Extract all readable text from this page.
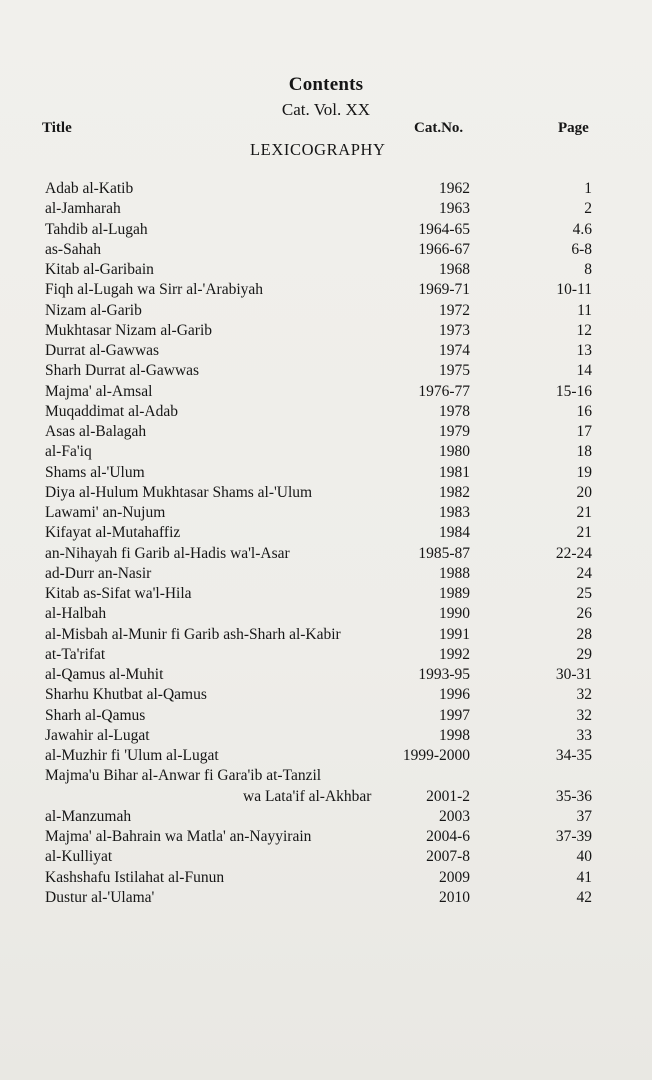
Contents
Cat. Vol. XX
Title	Cat.No.	Page
LEXICOGRAPHY
Adab al-Katib	1962	1
al-Jamharah	1963	2
Tahdib al-Lugah	1964-65	4.6
as-Sahah	1966-67	6-8
Kitab al-Garibain	1968	8
Fiqh al-Lugah wa Sirr al-'Arabiyah	1969-71	10-11
Nizam al-Garib	1972	11
Mukhtasar Nizam al-Garib	1973	12
Durrat al-Gawwas	1974	13
Sharh Durrat al-Gawwas	1975	14
Majma' al-Amsal	1976-77	15-16
Muqaddimat al-Adab	1978	16
Asas al-Balagah	1979	17
al-Fa'iq	1980	18
Shams al-'Ulum	1981	19
Diya al-Hulum Mukhtasar Shams al-'Ulum	1982	20
Lawami' an-Nujum	1983	21
Kifayat al-Mutahaffiz	1984	21
an-Nihayah fi Garib al-Hadis wa'l-Asar	1985-87	22-24
ad-Durr an-Nasir	1988	24
Kitab as-Sifat wa'l-Hila	1989	25
al-Halbah	1990	26
al-Misbah al-Munir fi Garib ash-Sharh al-Kabir	1991	28
at-Ta'rifat	1992	29
al-Qamus al-Muhit	1993-95	30-31
Sharhu Khutbat al-Qamus	1996	32
Sharh al-Qamus	1997	32
Jawahir al-Lugat	1998	33
al-Muzhir fi 'Ulum al-Lugat	1999-2000	34-35
Majma'u Bihar al-Anwar fi Gara'ib at-Tanzil
wa Lata'if al-Akhbar	2001-2	35-36
al-Manzumah	2003	37
Majma' al-Bahrain wa Matla' an-Nayyirain	2004-6	37-39
al-Kulliyat	2007-8	40
Kashshafu Istilahat al-Funun	2009	41
Dustur al-'Ulama'	2010	42
